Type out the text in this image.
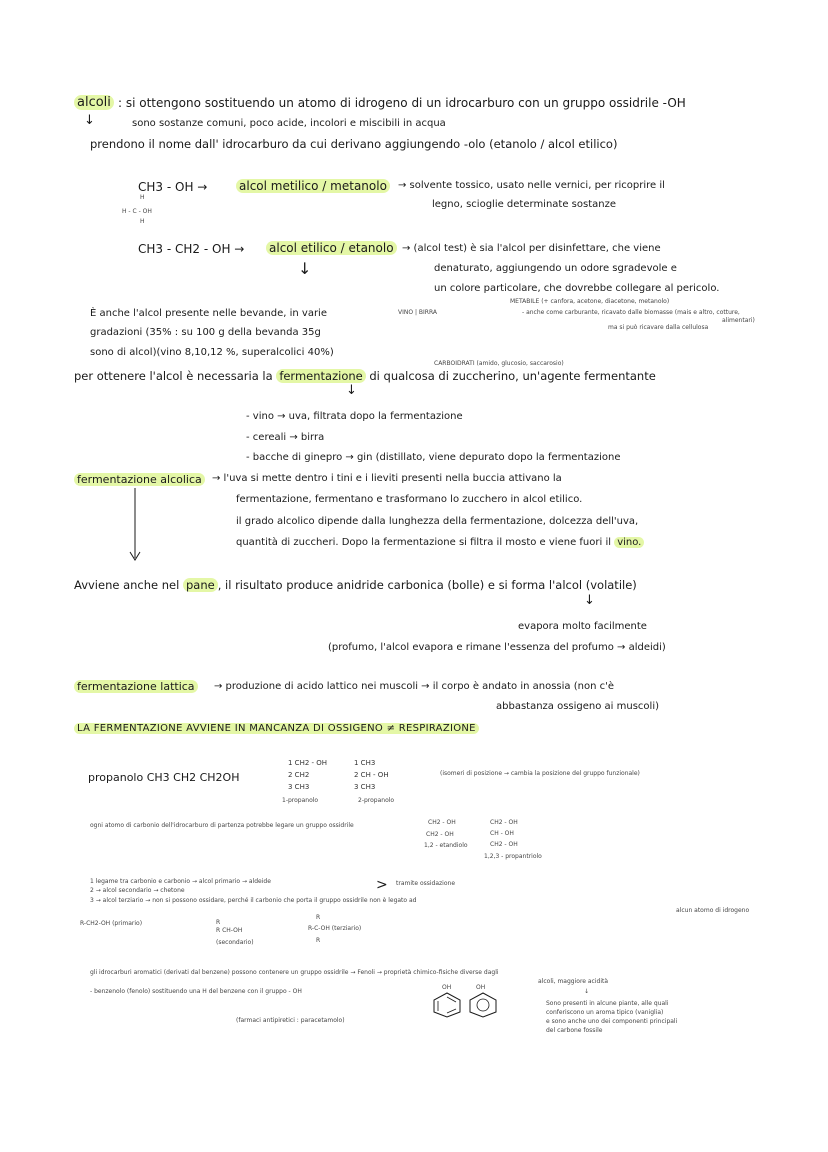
alcoli : si ottengono sostituendo un atomo di idrogeno di un idrocarburo con un gruppo ossidrile -OH
↓	sono sostanze comuni, poco acide, incolori e miscibili in acqua
prendono il nome dall' idrocarburo da cui derivano aggiungendo -olo (etanolo / alcol etilico)
CH3 - OH →	alcol metilico / metanolo	→ solvente tossico, usato nelle vernici, per ricoprire il
legno, scioglie determinate sostanze
H
H - C - OH
H
CH3 - CH2 - OH → alcol etilico / etanolo → (alcol test) è sia l'alcol per disinfettare, che viene
denaturato, aggiungendo un odore sgradevole e
un colore particolare, che dovrebbe collegare al pericolo.
↓
METABILE (+ canfora, acetone, diacetone, metanolo)
- anche come carburante, ricavato dalle biomasse (mais e altro, cotture,
alimentari)
ma si può ricavare dalla cellulosa
VINO | BIRRA
È anche l'alcol presente nelle bevande, in varie
gradazioni (35% : su 100 g della bevanda 35g
sono di alcol)(vino 8,10,12 %, superalcolici 40%)
CARBOIDRATI (amido, glucosio, saccarosio)
per ottenere l'alcol è necessaria la fermentazione di qualcosa di zuccherino, un'agente fermentante
↓
- vino → uva, filtrata dopo la fermentazione
- cereali → birra
- bacche di ginepro → gin (distillato, viene depurato dopo la fermentazione
fermentazione alcolica	→ l'uva si mette dentro i tini e i lieviti presenti nella buccia attivano la
fermentazione, fermentano e trasformano lo zucchero in alcol etilico.
il grado alcolico dipende dalla lunghezza della fermentazione, dolcezza dell'uva,
quantità di zuccheri. Dopo la fermentazione si filtra il mosto e viene fuori il vino.
Avviene anche nel pane , il risultato produce anidride carbonica (bolle) e si forma l'alcol (volatile)
↓
evapora molto facilmente
(profumo, l'alcol evapora e rimane l'essenza del profumo → aldeidi)
fermentazione lattica	→ produzione di acido lattico nei muscoli → il corpo è andato in anossia (non c'è
abbastanza ossigeno ai muscoli)
LA FERMENTAZIONE AVVIENE IN MANCANZA DI OSSIGENO ≠ RESPIRAZIONE
propanolo CH3 CH2 CH2OH
1 CH2 - OH
2 CH2
3 CH3
1-propanolo
1 CH3
2 CH - OH
3 CH3
2-propanolo
(isomeri di posizione → cambia la posizione del gruppo funzionale)
ogni atomo di carbonio dell'idrocarburo di partenza potrebbe legare un gruppo ossidrile	CH2 - OH
CH2 - OH
1,2 - etandiolo
CH2 - OH
CH - OH
CH2 - OH
1,2,3 - propantriolo
1 legame tra carbonio e carbonio → alcol primario → aldeide
2 → alcol secondario → chetone
3 → alcol terziario → non si possono ossidare, perché il carbonio che porta il gruppo ossidrile non è legato ad
alcun atomo di idrogeno
> tramite ossidazione
R-CH2-OH (primario)	R
R CH-OH
(secondario)
R
R-C-OH (terziario)
R
gli idrocarburi aromatici (derivati dal benzene) possono contenere un gruppo ossidrile → Fenoli → proprietà chimico-fisiche diverse dagli
- benzenolo (fenolo) sostituendo una H del benzene con il gruppo - OH
OH	OH
alcoli, maggiore acidità
↓
Sono presenti in alcune piante, alle quali
conferiscono un aroma tipico (vaniglia)
e sono anche uno dei componenti principali
del carbone fossile
(farmaci antipiretici : paracetamolo)
